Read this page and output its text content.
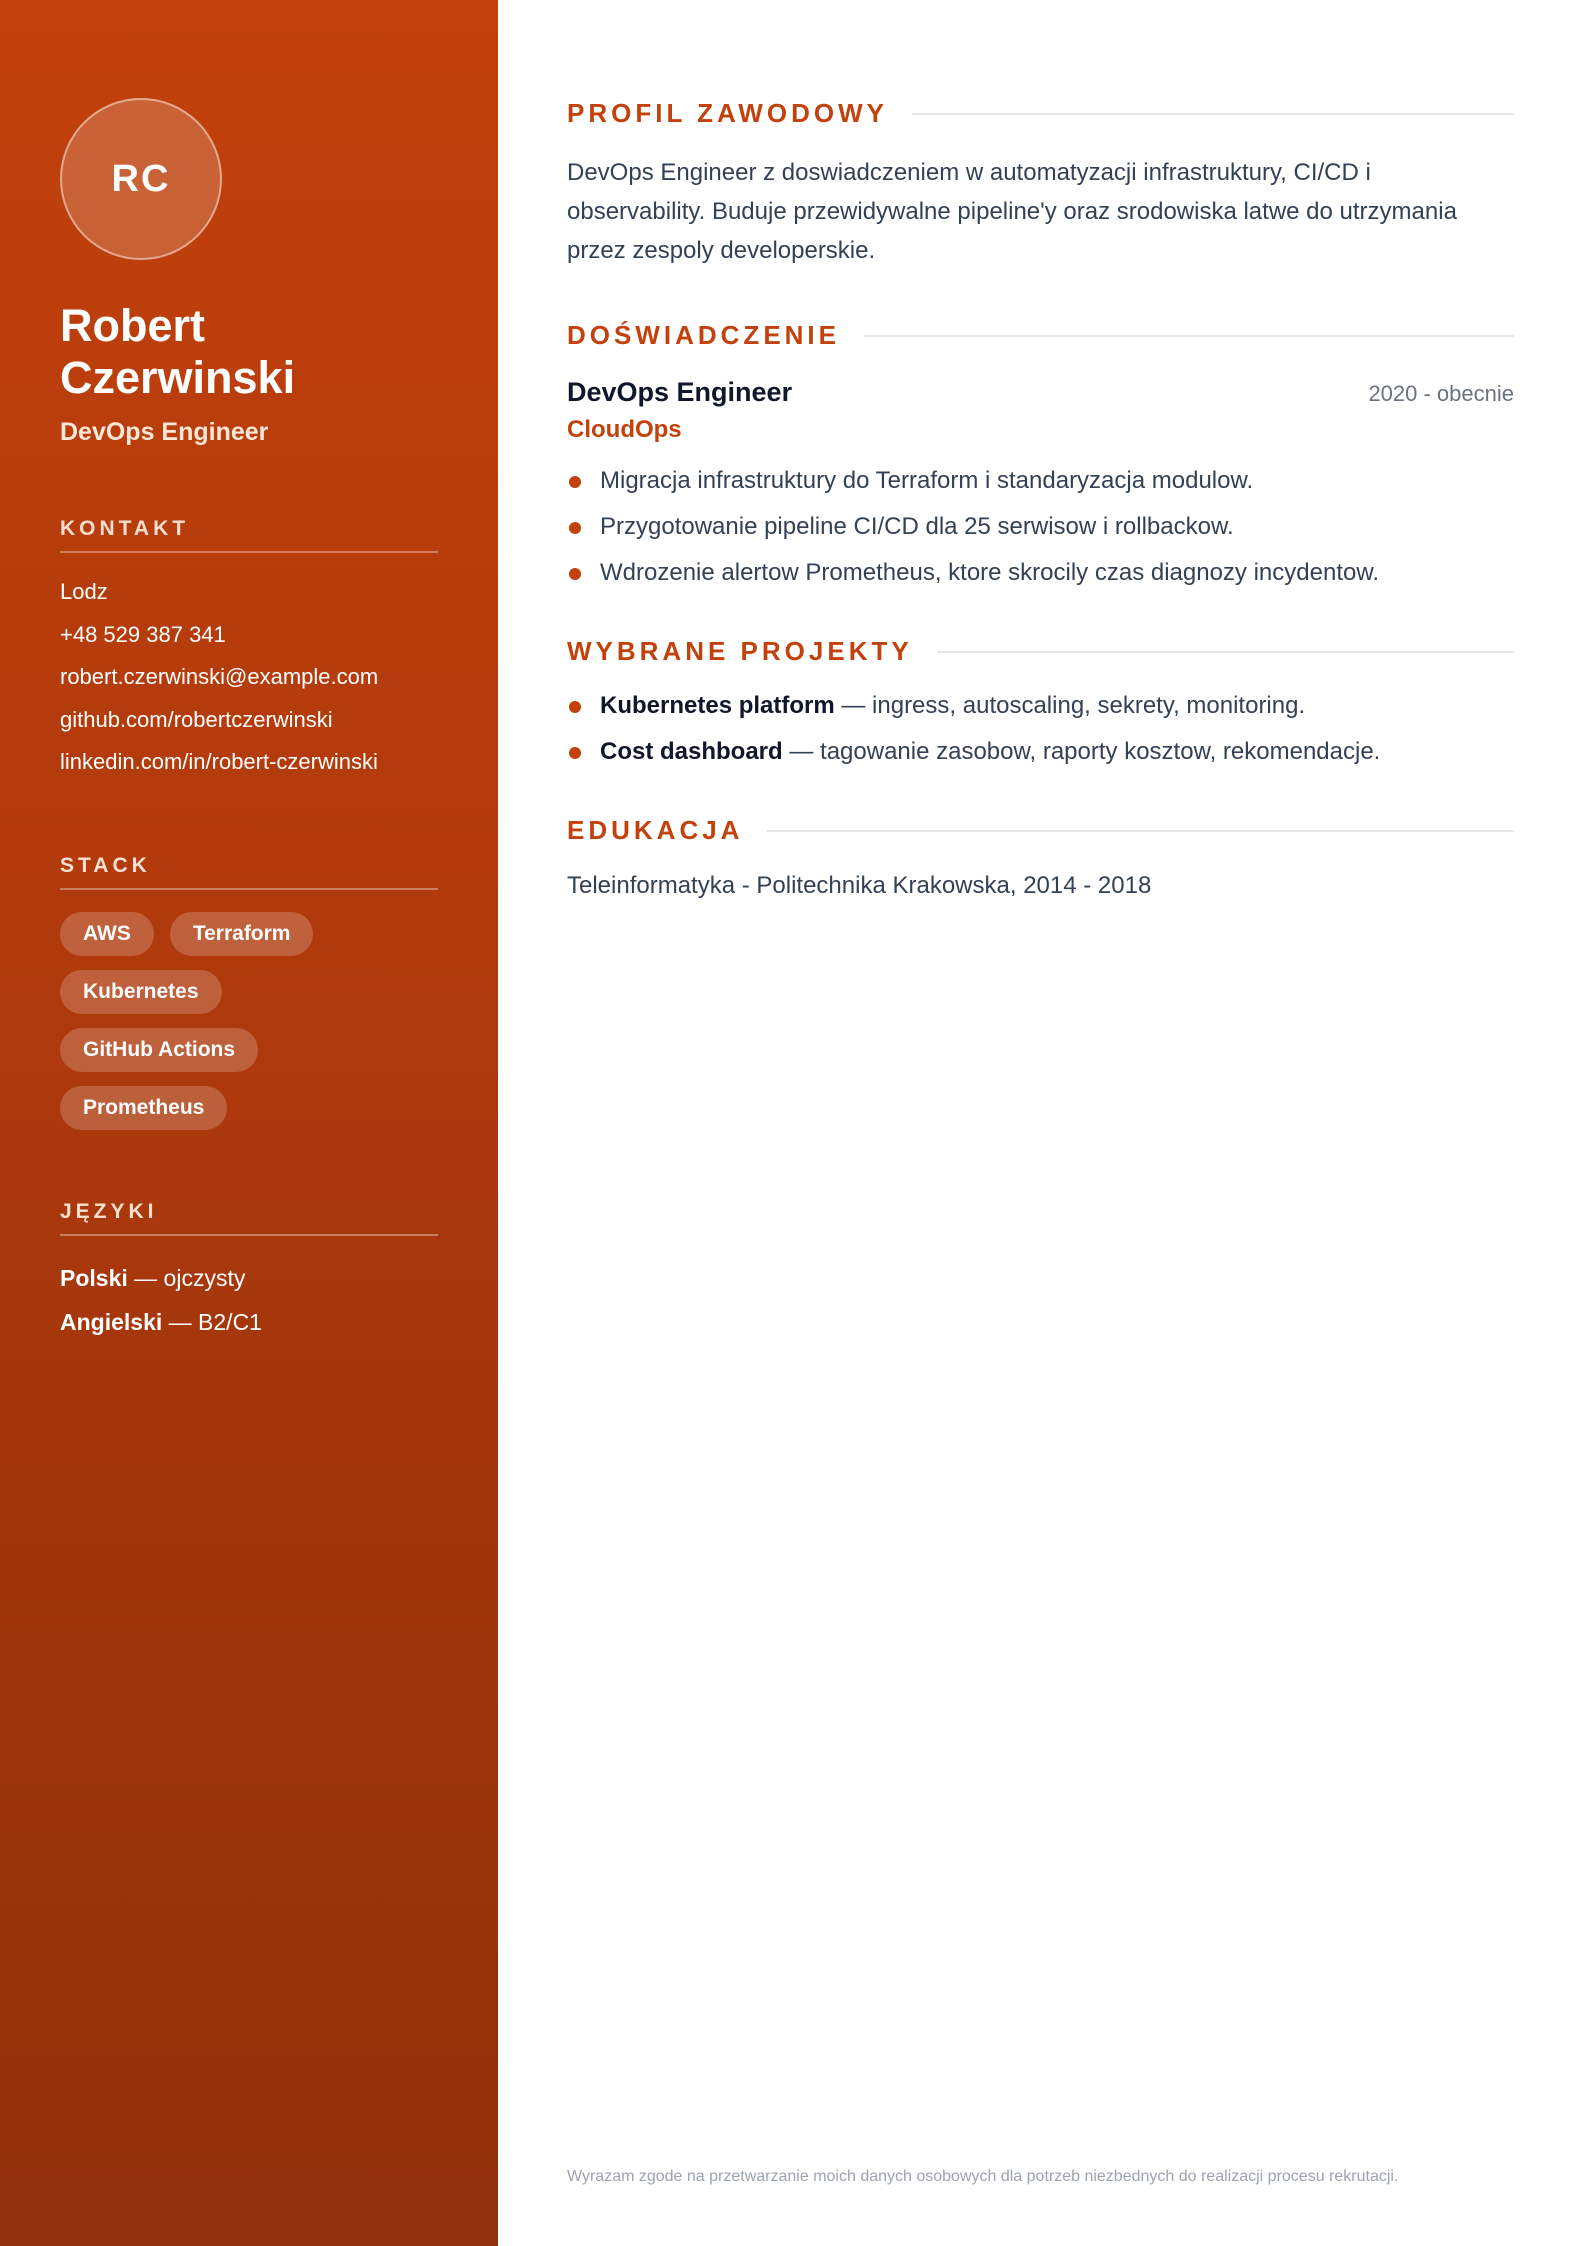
RC
Robert
Czerwinski
DevOps Engineer
KONTAKT
Lodz
+48 529 387 341
robert.czerwinski@example.com
github.com/robertczerwinski
linkedin.com/in/robert-czerwinski
STACK
AWS	Terraform
Kubernetes
GitHub Actions
Prometheus
JĘZYKI
Polski — ojczysty
Angielski — B2/C1
PROFIL ZAWODOWY
DevOps Engineer z doswiadczeniem w automatyzacji infrastruktury, CI/CD i observability. Buduje przewidywalne pipeline'y oraz srodowiska latwe do utrzymania przez zespoly developerskie.
DOŚWIADCZENIE
DevOps Engineer	2020 - obecnie
CloudOps
Migracja infrastruktury do Terraform i standaryzacja modulow.
Przygotowanie pipeline CI/CD dla 25 serwisow i rollbackow.
Wdrozenie alertow Prometheus, ktore skrocily czas diagnozy incydentow.
WYBRANE PROJEKTY
Kubernetes platform — ingress, autoscaling, sekrety, monitoring.
Cost dashboard — tagowanie zasobow, raporty kosztow, rekomendacje.
EDUKACJA
Teleinformatyka - Politechnika Krakowska, 2014 - 2018
Wyrazam zgode na przetwarzanie moich danych osobowych dla potrzeb niezbednych do realizacji procesu rekrutacji.
